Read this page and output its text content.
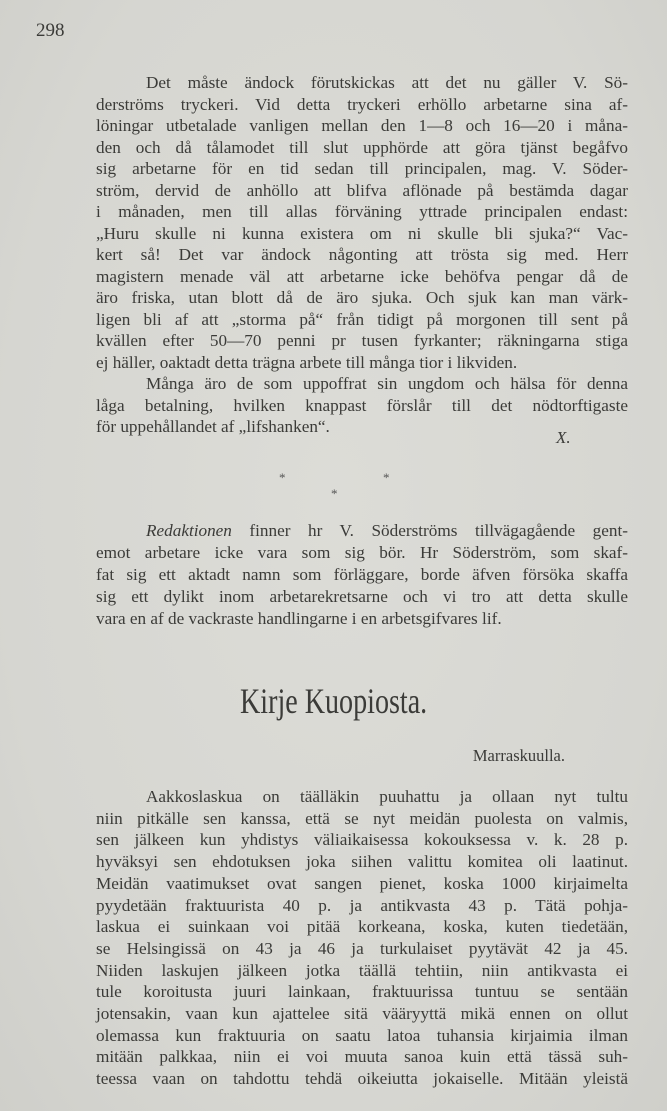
298
Det måste ändock förutskickas att det nu gäller V. Sö-
derströms tryckeri. Vid detta tryckeri erhöllo arbetarne sina af-
löningar utbetalade vanligen mellan den 1—8 och 16—20 i måna-
den och då tålamodet till slut upphörde att göra tjänst begåfvo
sig arbetarne för en tid sedan till principalen, mag. V. Söder-
ström, dervid de anhöllo att blifva aflönade på bestämda dagar
i månaden, men till allas förväning yttrade principalen endast:
„Huru skulle ni kunna existera om ni skulle bli sjuka?“ Vac-
kert så! Det var ändock någonting att trösta sig med. Herr
magistern menade väl att arbetarne icke behöfva pengar då de
äro friska, utan blott då de äro sjuka. Och sjuk kan man värk-
ligen bli af att „storma på“ från tidigt på morgonen till sent på
kvällen efter 50—70 penni pr tusen fyrkanter; räkningarna stiga
ej häller, oaktadt detta trägna arbete till många tior i likviden.
Många äro de som uppoffrat sin ungdom och hälsa för denna
låga betalning, hvilken knappast förslår till det nödtorftigaste
för uppehållandet af „lifshanken“.
X.
*	*
*
Redaktionen finner hr V. Söderströms tillvägagående gent-
emot arbetare icke vara som sig bör. Hr Söderström, som skaf-
fat sig ett aktadt namn som förläggare, borde äfven försöka skaffa
sig ett dylikt inom arbetarekretsarne och vi tro att detta skulle
vara en af de vackraste handlingarne i en arbetsgifvares lif.
Kirje Kuopiosta.
Marraskuulla.
Aakkoslaskua on täälläkin puuhattu ja ollaan nyt tultu
niin pitkälle sen kanssa, että se nyt meidän puolesta on valmis,
sen jälkeen kun yhdistys väliaikaisessa kokouksessa v. k. 28 p.
hyväksyi sen ehdotuksen joka siihen valittu komitea oli laatinut.
Meidän vaatimukset ovat sangen pienet, koska 1000 kirjaimelta
pyydetään fraktuurista 40 p. ja antikvasta 43 p. Tätä pohja-
laskua ei suinkaan voi pitää korkeana, koska, kuten tiedetään,
se Helsingissä on 43 ja 46 ja turkulaiset pyytävät 42 ja 45.
Niiden laskujen jälkeen jotka täällä tehtiin, niin antikvasta ei
tule koroitusta juuri lainkaan, fraktuurissa tuntuu se sentään
jotensakin, vaan kun ajattelee sitä vääryyttä mikä ennen on ollut
olemassa kun fraktuuria on saatu latoa tuhansia kirjaimia ilman
mitään palkkaa, niin ei voi muuta sanoa kuin että tässä suh-
teessa vaan on tahdottu tehdä oikeiutta jokaiselle. Mitään yleistä
